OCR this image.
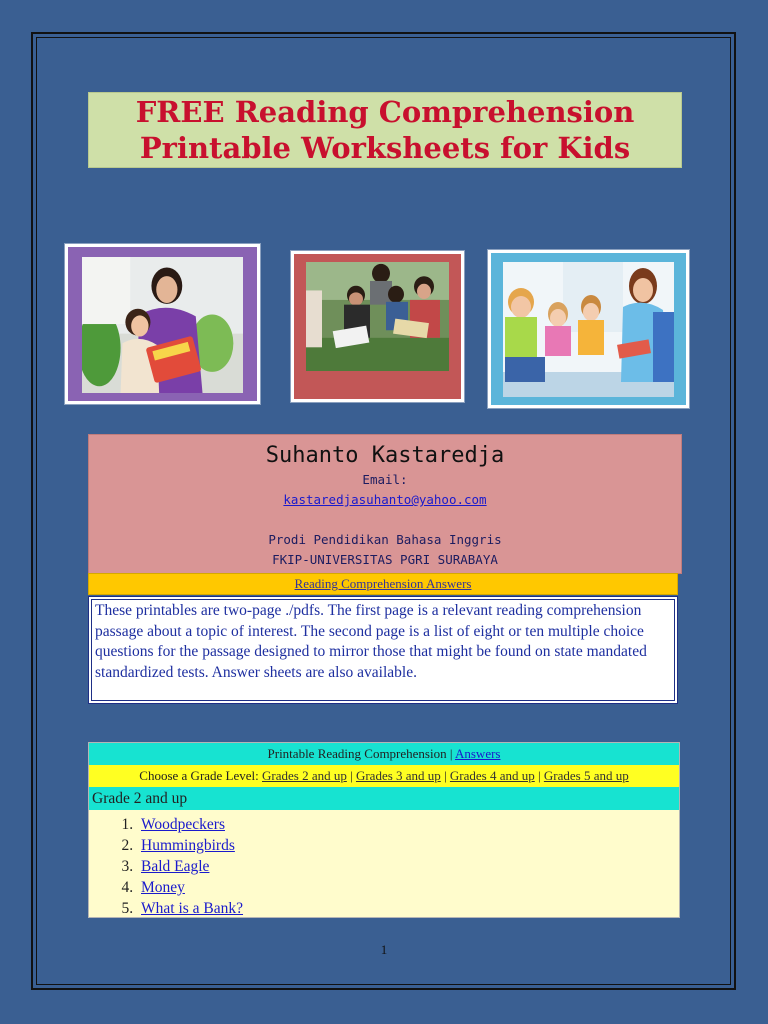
FREE Reading Comprehension
Printable Worksheets for Kids
Suhanto Kastaredja
Email:
kastaredjasuhanto@yahoo.com
Prodi Pendidikan Bahasa Inggris
FKIP-UNIVERSITAS PGRI SURABAYA
Reading Comprehension Answers
These printables are two-page ./pdfs. The first page is a relevant reading comprehension passage about a topic of interest. The second page is a list of eight or ten multiple choice questions for the passage designed to mirror those that might be found on state mandated standardized tests. Answer sheets are also available.
Printable Reading Comprehension | Answers
Choose a Grade Level: Grades 2 and up | Grades 3 and up | Grades 4 and up | Grades 5 and up
Grade 2 and up
1. Woodpeckers
2. Hummingbirds
3. Bald Eagle
4. Money
5. What is a Bank?
1
